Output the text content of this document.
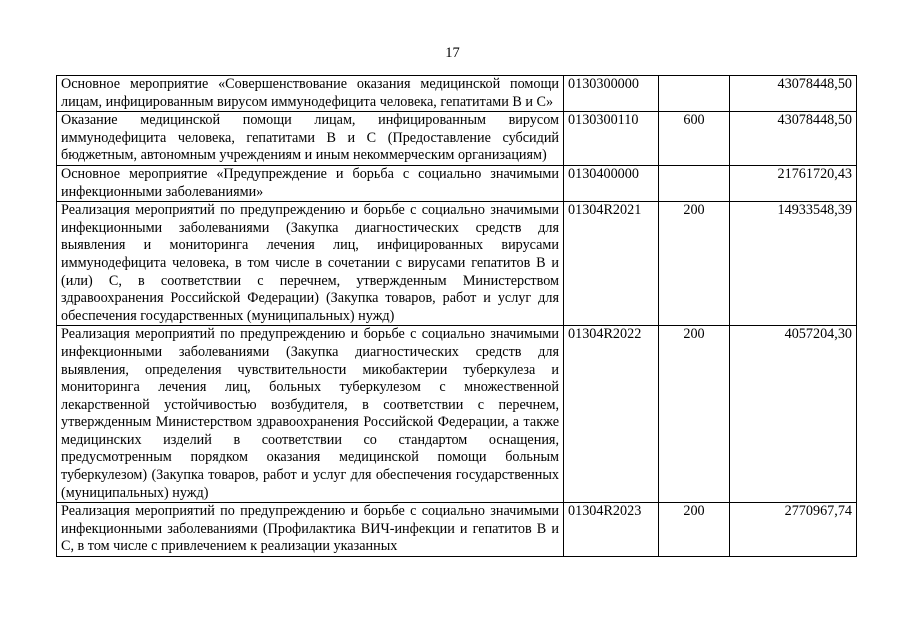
17
Основное мероприятие «Совершенствование оказания медицинской помощи лицам, инфицированным вирусом иммунодефицита человека, гепатитами В и С»	0130300000		43078448,50
Оказание медицинской помощи лицам, инфицированным вирусом иммунодефицита человека, гепатитами В и С (Предоставление субсидий бюджетным, автономным учреждениям и иным некоммерческим организациям)	0130300110	600	43078448,50
Основное мероприятие «Предупреждение и борьба с социально значимыми инфекционными заболеваниями»	0130400000		21761720,43
Реализация мероприятий по предупреждению и борьбе с социально значимыми инфекционными заболеваниями (Закупка диагностических средств для выявления и мониторинга лечения лиц, инфицированных вирусами иммунодефицита человека, в том числе в сочетании с вирусами гепатитов В и (или) С, в соответствии с перечнем, утвержденным Министерством здравоохранения Российской Федерации) (Закупка товаров, работ и услуг для обеспечения государственных (муниципальных) нужд)	01304R2021	200	14933548,39
Реализация мероприятий по предупреждению и борьбе с социально значимыми инфекционными заболеваниями (Закупка диагностических средств для выявления, определения чувствительности микобактерии туберкулеза и мониторинга лечения лиц, больных туберкулезом с множественной лекарственной устойчивостью возбудителя, в соответствии с перечнем, утвержденным Министерством здравоохранения Российской Федерации, а также медицинских изделий в соответствии со стандартом оснащения, предусмотренным порядком оказания медицинской помощи больным туберкулезом) (Закупка товаров, работ и услуг для обеспечения государственных (муниципальных) нужд)	01304R2022	200	4057204,30
Реализация мероприятий по предупреждению и борьбе с социально значимыми инфекционными заболеваниями (Профилактика ВИЧ-инфекции и гепатитов В и С, в том числе с привлечением к реализации указанных	01304R2023	200	2770967,74
